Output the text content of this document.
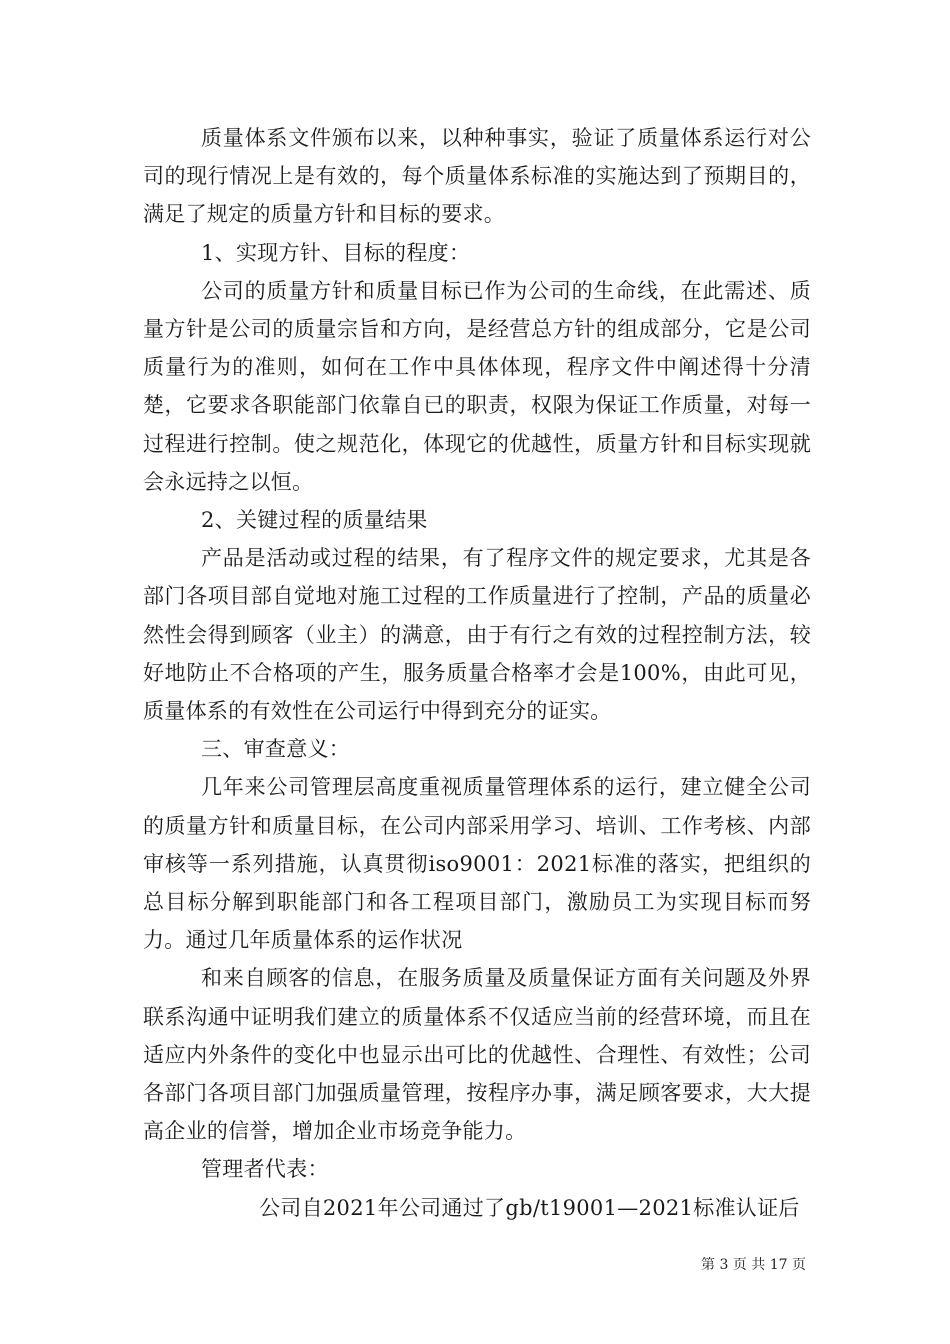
质量体系文件颁布以来，以种种事实，验证了质量体系运行对公司的现行情况上是有效的，每个质量体系标准的实施达到了预期目的，满足了规定的质量方针和目标的要求。

1、实现方针、目标的程度：

公司的质量方针和质量目标已作为公司的生命线，在此需述、质量方针是公司的质量宗旨和方向，是经营总方针的组成部分，它是公司质量行为的准则，如何在工作中具体体现，程序文件中阐述得十分清楚，它要求各职能部门依靠自已的职责，权限为保证工作质量，对每一过程进行控制。使之规范化，体现它的优越性，质量方针和目标实现就会永远持之以恒。

2、关键过程的质量结果

产品是活动或过程的结果，有了程序文件的规定要求，尤其是各部门各项目部自觉地对施工过程的工作质量进行了控制，产品的质量必然性会得到顾客（业主）的满意，由于有行之有效的过程控制方法，较好地防止不合格项的产生，服务质量合格率才会是100%，由此可见，质量体系的有效性在公司运行中得到充分的证实。

三、审查意义：

几年来公司管理层高度重视质量管理体系的运行，建立健全公司的质量方针和质量目标，在公司内部采用学习、培训、工作考核、内部审核等一系列措施，认真贯彻iso9001：2021标准的落实，把组织的总目标分解到职能部门和各工程项目部门，激励员工为实现目标而努力。通过几年质量体系的运作状况

和来自顾客的信息，在服务质量及质量保证方面有关问题及外界联系沟通中证明我们建立的质量体系不仅适应当前的经营环境，而且在适应内外条件的变化中也显示出可比的优越性、合理性、有效性；公司各部门各项目部门加强质量管理，按程序办事，满足顾客要求，大大提高企业的信誉，增加企业市场竞争能力。

管理者代表：

公司自2021年公司通过了gb/t19001—2021标准认证后

第 3 页 共 17 页
